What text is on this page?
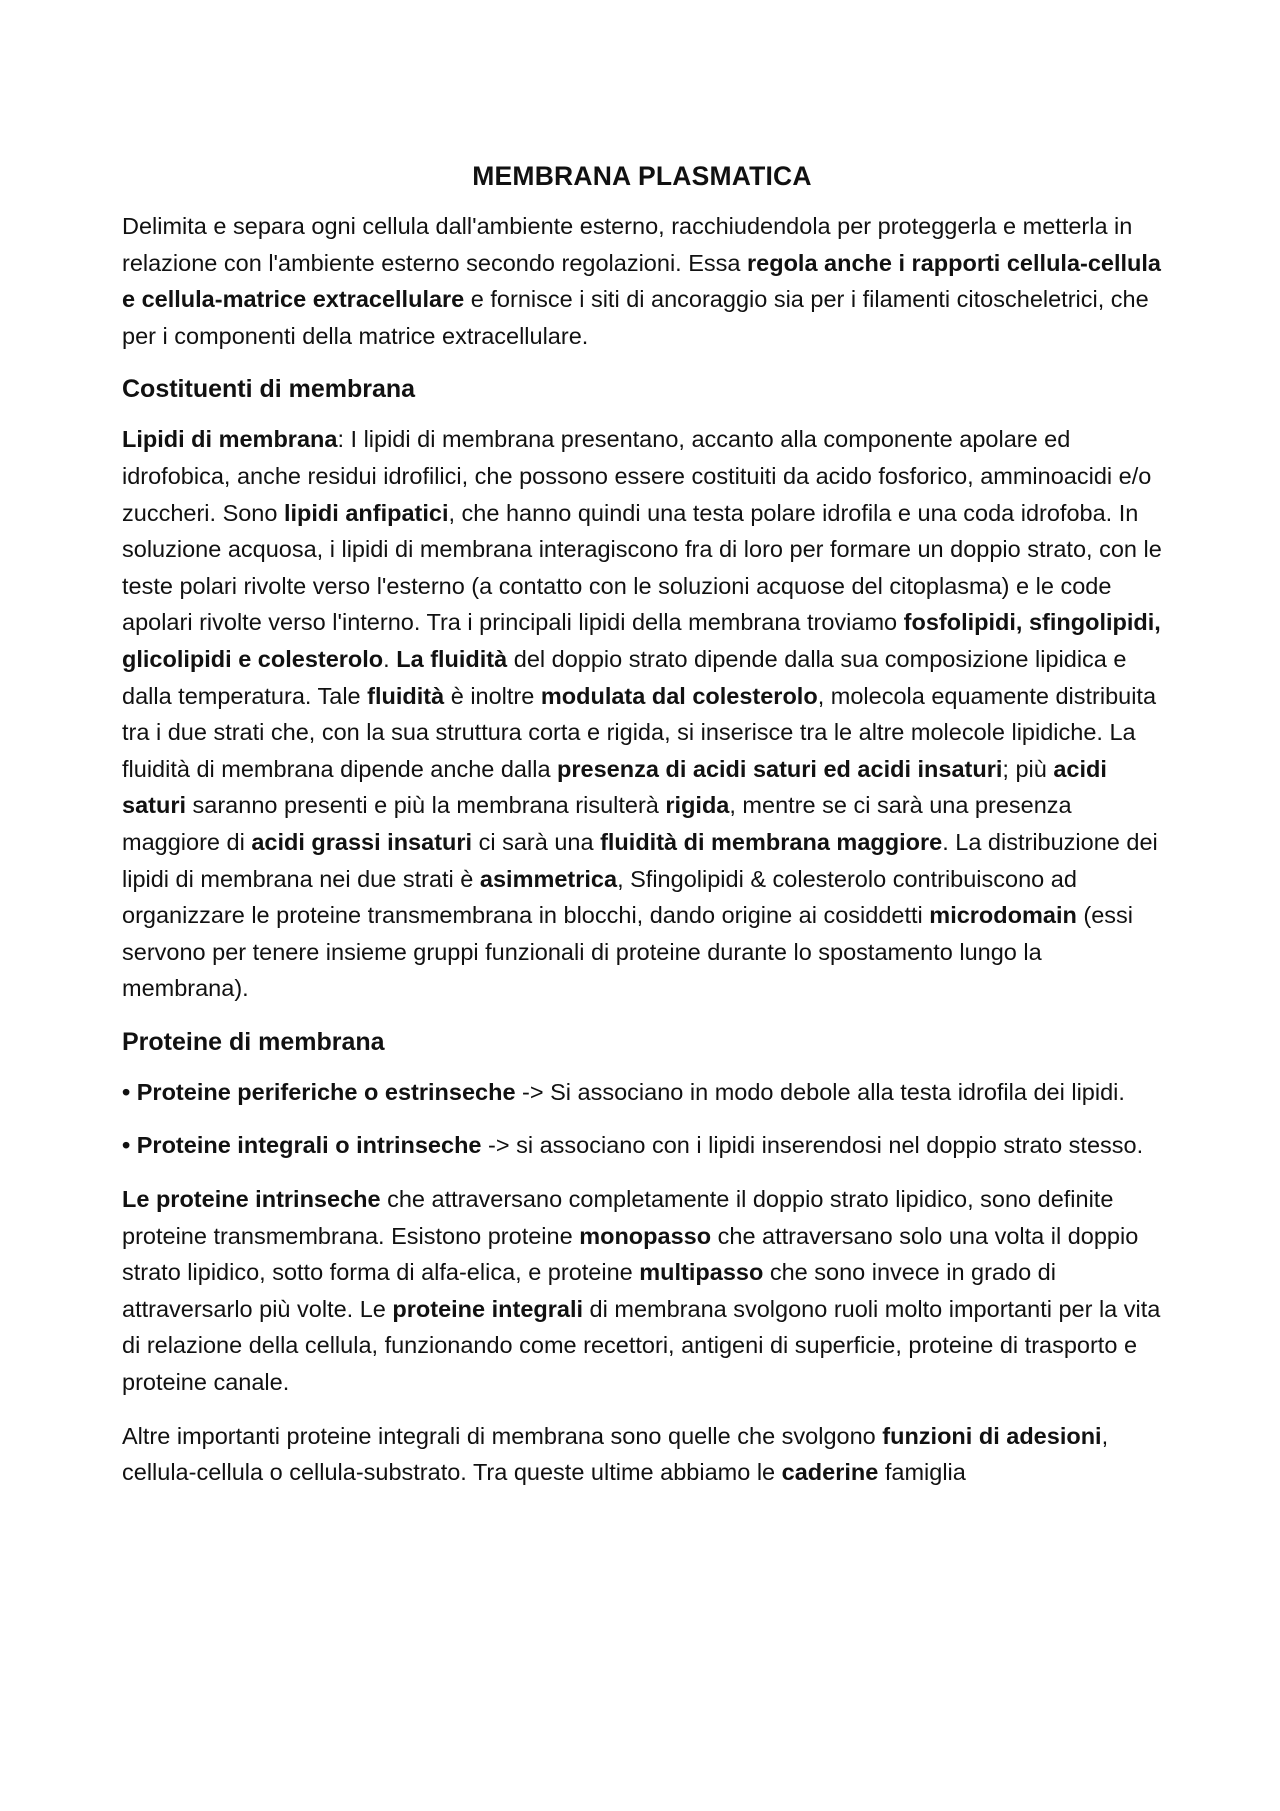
MEMBRANA PLASMATICA

Delimita e separa ogni cellula dall'ambiente esterno, racchiudendola per proteggerla e metterla in relazione con l'ambiente esterno secondo regolazioni. Essa regola anche i rapporti cellula-cellula e cellula-matrice extracellulare e fornisce i siti di ancoraggio sia per i filamenti citoscheletrici, che per i componenti della matrice extracellulare.

Costituenti di membrana

Lipidi di membrana: I lipidi di membrana presentano, accanto alla componente apolare ed idrofobica, anche residui idrofilici, che possono essere costituiti da acido fosforico, amminoacidi e/o zuccheri. Sono lipidi anfipatici, che hanno quindi una testa polare idrofila e una coda idrofoba. In soluzione acquosa, i lipidi di membrana interagiscono fra di loro per formare un doppio strato, con le teste polari rivolte verso l'esterno (a contatto con le soluzioni acquose del citoplasma) e le code apolari rivolte verso l'interno. Tra i principali lipidi della membrana troviamo fosfolipidi, sfingolipidi, glicolipidi e colesterolo. La fluidità del doppio strato dipende dalla sua composizione lipidica e dalla temperatura. Tale fluidità è inoltre modulata dal colesterolo, molecola equamente distribuita tra i due strati che, con la sua struttura corta e rigida, si inserisce tra le altre molecole lipidiche. La fluidità di membrana dipende anche dalla presenza di acidi saturi ed acidi insaturi; più acidi saturi saranno presenti e più la membrana risulterà rigida, mentre se ci sarà una presenza maggiore di acidi grassi insaturi ci sarà una fluidità di membrana maggiore. La distribuzione dei lipidi di membrana nei due strati è asimmetrica, Sfingolipidi & colesterolo contribuiscono ad organizzare le proteine transmembrana in blocchi, dando origine ai cosiddetti microdomain (essi servono per tenere insieme gruppi funzionali di proteine durante lo spostamento lungo la membrana).

Proteine di membrana

• Proteine periferiche o estrinseche -> Si associano in modo debole alla testa idrofila dei lipidi.

• Proteine integrali o intrinseche -> si associano con i lipidi inserendosi nel doppio strato stesso.

Le proteine intrinseche che attraversano completamente il doppio strato lipidico, sono definite proteine transmembrana. Esistono proteine monopasso che attraversano solo una volta il doppio strato lipidico, sotto forma di alfa-elica, e proteine multipasso che sono invece in grado di attraversarlo più volte. Le proteine integrali di membrana svolgono ruoli molto importanti per la vita di relazione della cellula, funzionando come recettori, antigeni di superficie, proteine di trasporto e proteine canale.

Altre importanti proteine integrali di membrana sono quelle che svolgono funzioni di adesioni, cellula-cellula o cellula-substrato. Tra queste ultime abbiamo le caderine famiglia
